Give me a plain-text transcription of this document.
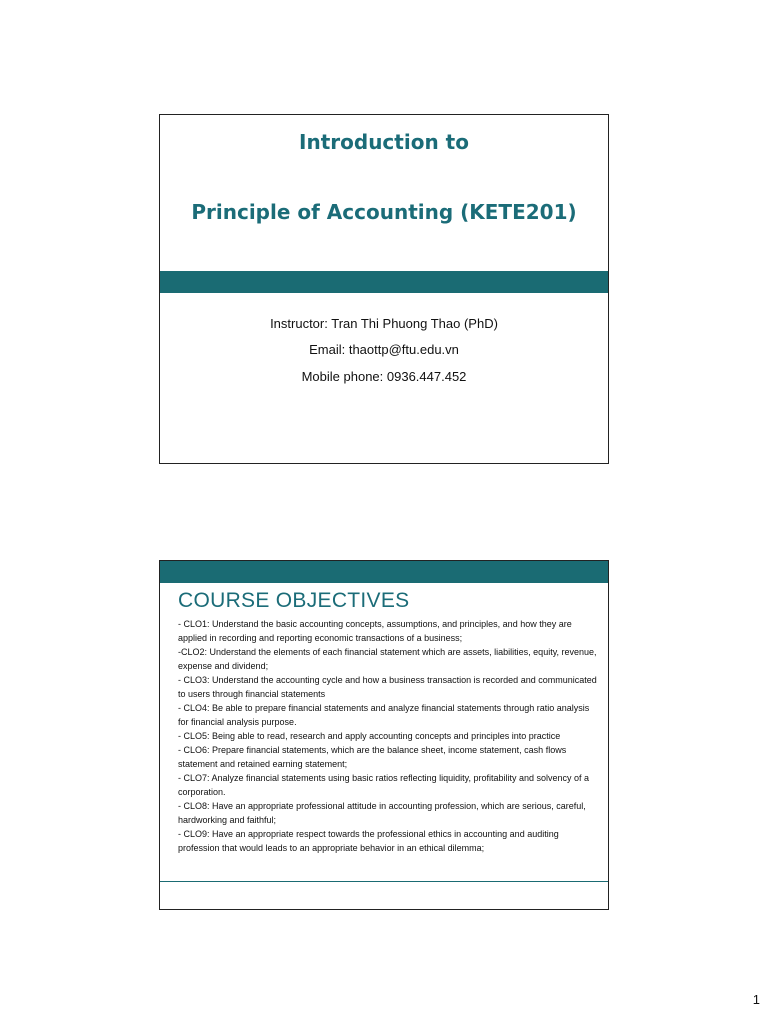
Introduction to
Principle of Accounting (KETE201)
Instructor: Tran Thi Phuong Thao (PhD)
Email: thaottp@ftu.edu.vn
Mobile phone: 0936.447.452
COURSE OBJECTIVES
- CLO1: Understand the basic accounting concepts, assumptions, and principles, and how they are applied in recording and reporting economic transactions of a business;
-CLO2: Understand the elements of each financial statement which are assets, liabilities, equity, revenue, expense and dividend;
- CLO3: Understand the accounting cycle and how a business transaction is recorded and communicated to users through financial statements
- CLO4: Be able to prepare financial statements and analyze financial statements through ratio analysis for financial analysis purpose.
- CLO5: Being able to read, research and apply accounting concepts and principles into practice
- CLO6: Prepare financial statements, which are the balance sheet, income statement, cash flows statement and retained earning statement;
- CLO7: Analyze financial statements using basic ratios reflecting liquidity, profitability and solvency of a corporation.
- CLO8: Have an appropriate professional attitude in accounting profession, which are serious, careful, hardworking and faithful;
- CLO9: Have an appropriate respect towards the professional ethics in accounting and auditing profession that would leads to an appropriate behavior in an ethical dilemma;
1
